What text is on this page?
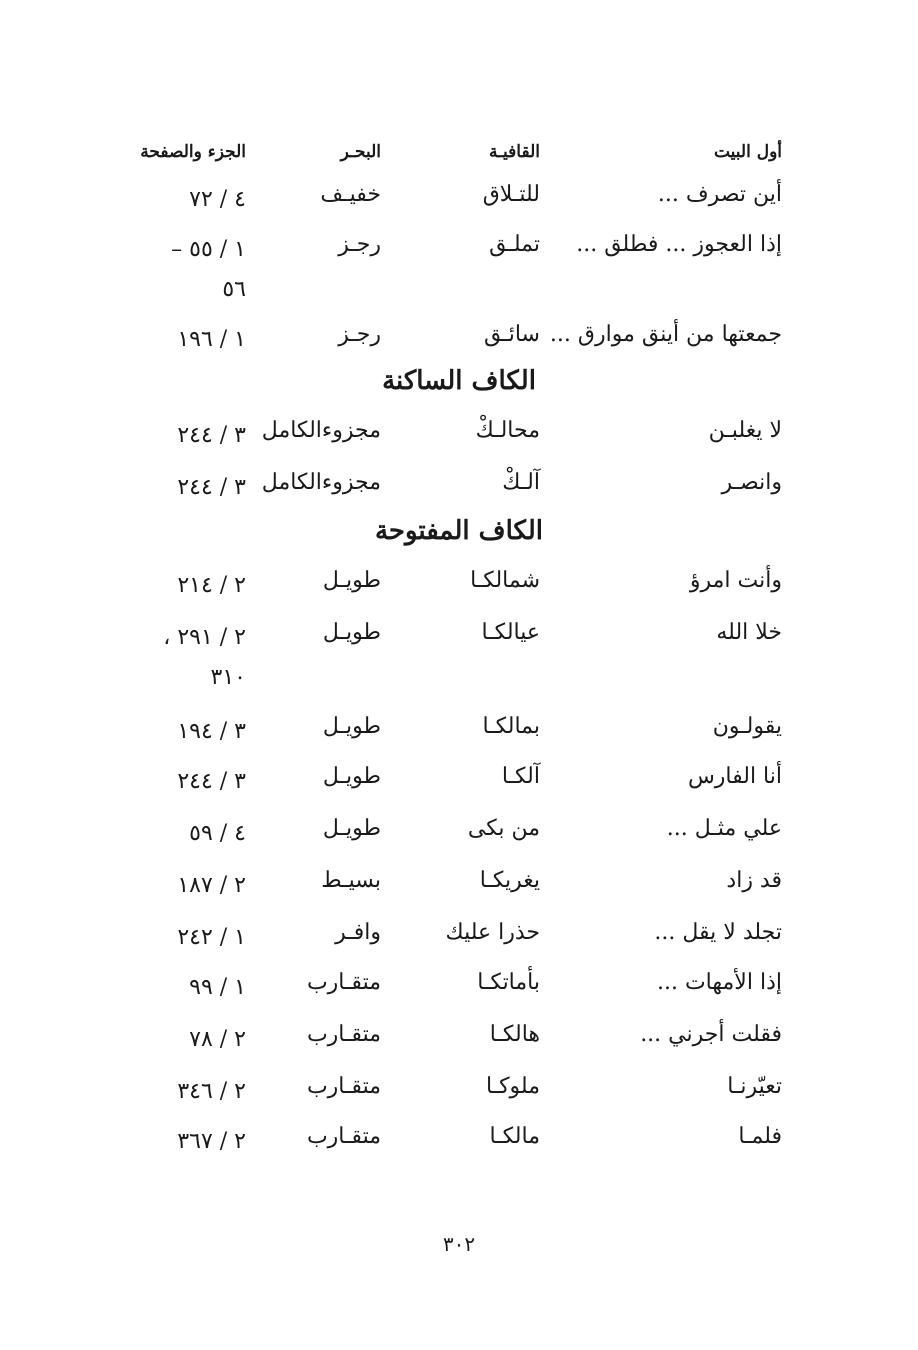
أول البيت
القافيـة
البحـر
الجزء والصفحة
أين تصرف ...
للتـلاق
خفيـف
٤ / ٧٢
إذا العجوز ... فطلق ...
تملـق
رجـز
١ / ٥٥ –
٥٦
جمعتها من أينق موارق ...
سائـق
رجـز
١ / ١٩٦
الكاف الساكنة
لا يغلبـن
محالـكْ
مجزوءالكامل
٣ / ٢٤٤
وانصـر
آلـكْ
مجزوءالكامل
٣ / ٢٤٤
الكاف المفتوحة
وأنت امرؤ
شمالكـا
طويـل
٢ / ٢١٤
خلا الله
عيالكـا
طويـل
٢ / ٢٩١ ،
٣١٠
يقولـون
بمالكـا
طويـل
٣ / ١٩٤
أنا الفارس
آلكـا
طويـل
٣ / ٢٤٤
علي مثـل ...
من بكى
طويـل
٤ / ٥٩
قد زاد
يغريكـا
بسيـط
٢ / ١٨٧
تجلد لا يقل ...
حذرا عليك
وافـر
١ / ٢٤٢
إذا الأمهات ...
بأماتكـا
متقـارب
١ / ٩٩
فقلت أجرني ...
هالكـا
متقـارب
٢ / ٧٨
تعيّرنـا
ملوكـا
متقـارب
٢ / ٣٤٦
فلمـا
مالكـا
متقـارب
٢ / ٣٦٧
٣٠٢
